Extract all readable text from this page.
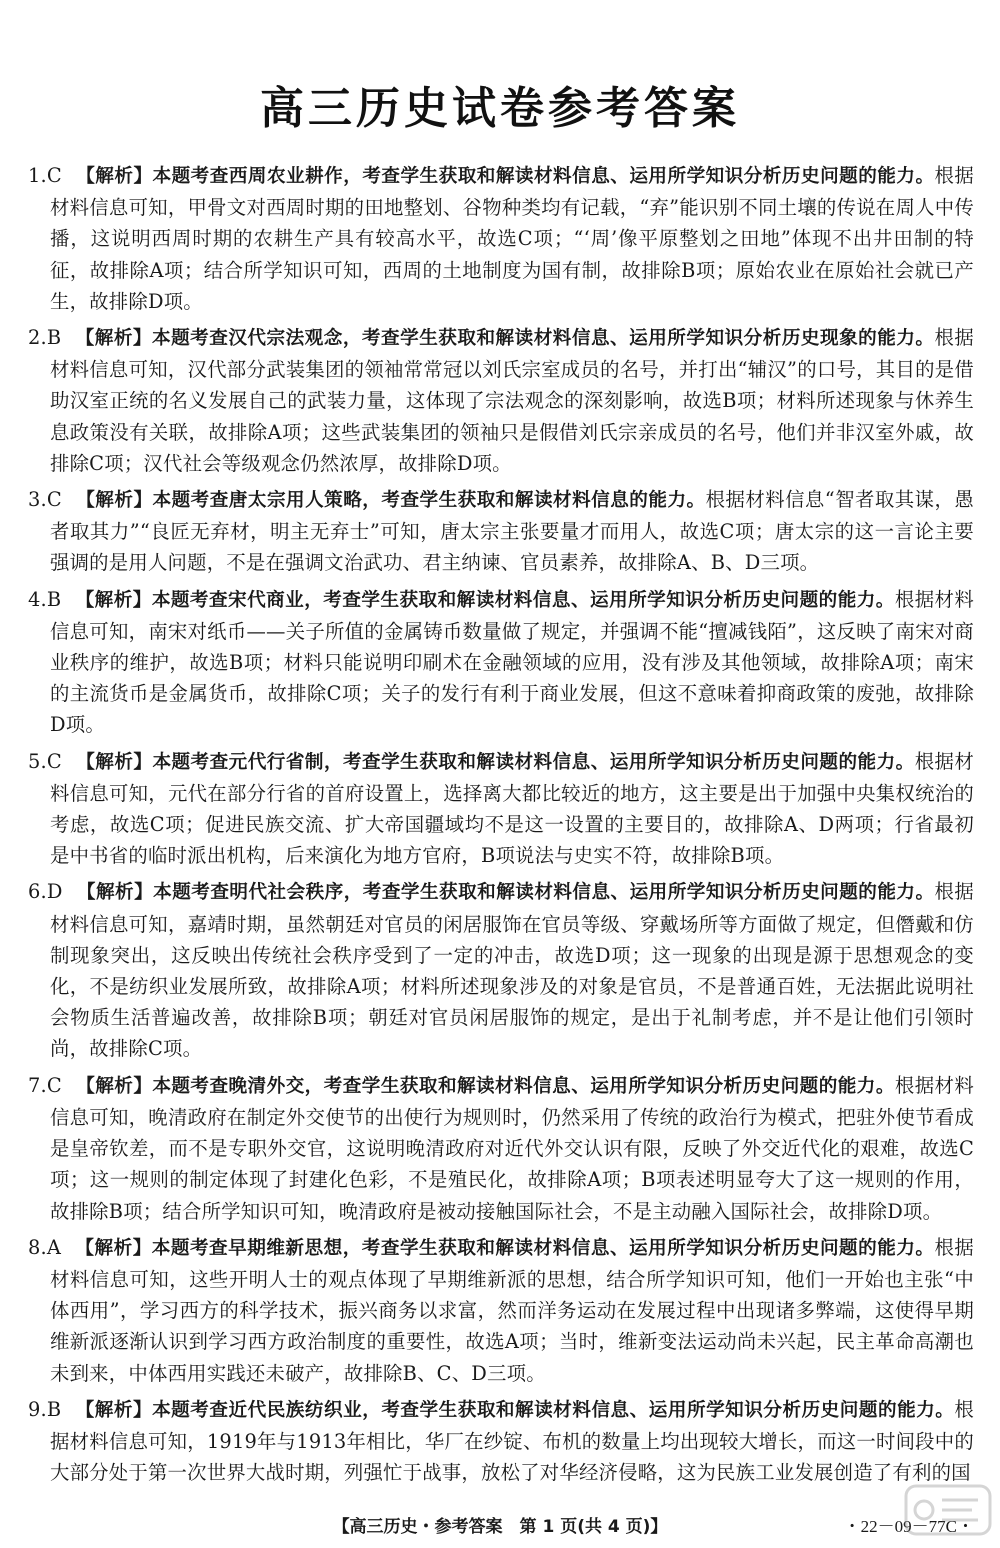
高三历史试卷参考答案
1.C 【解析】本题考查西周农业耕作，考查学生获取和解读材料信息、运用所学知识分析历史问题的能力。根据材料信息可知，甲骨文对西周时期的田地整划、谷物种类均有记载，“弃”能识别不同土壤的传说在周人中传播，这说明西周时期的农耕生产具有较高水平，故选C项；“‘周’像平原整划之田地”体现不出井田制的特征，故排除A项；结合所学知识可知，西周的土地制度为国有制，故排除B项；原始农业在原始社会就已产生，故排除D项。
2.B 【解析】本题考查汉代宗法观念，考查学生获取和解读材料信息、运用所学知识分析历史现象的能力。根据材料信息可知，汉代部分武装集团的领袖常常冠以刘氏宗室成员的名号，并打出“辅汉”的口号，其目的是借助汉室正统的名义发展自己的武装力量，这体现了宗法观念的深刻影响，故选B项；材料所述现象与休养生息政策没有关联，故排除A项；这些武装集团的领袖只是假借刘氏宗亲成员的名号，他们并非汉室外戚，故排除C项；汉代社会等级观念仍然浓厚，故排除D项。
3.C 【解析】本题考查唐太宗用人策略，考查学生获取和解读材料信息的能力。根据材料信息“智者取其谋，愚者取其力”“良匠无弃材，明主无弃士”可知，唐太宗主张要量才而用人，故选C项；唐太宗的这一言论主要强调的是用人问题，不是在强调文治武功、君主纳谏、官员素养，故排除A、B、D三项。
4.B 【解析】本题考查宋代商业，考查学生获取和解读材料信息、运用所学知识分析历史问题的能力。根据材料信息可知，南宋对纸币——关子所值的金属铸币数量做了规定，并强调不能“擅减钱陌”，这反映了南宋对商业秩序的维护，故选B项；材料只能说明印刷术在金融领域的应用，没有涉及其他领域，故排除A项；南宋的主流货币是金属货币，故排除C项；关子的发行有利于商业发展，但这不意味着抑商政策的废弛，故排除D项。
5.C 【解析】本题考查元代行省制，考查学生获取和解读材料信息、运用所学知识分析历史问题的能力。根据材料信息可知，元代在部分行省的首府设置上，选择离大都比较近的地方，这主要是出于加强中央集权统治的考虑，故选C项；促进民族交流、扩大帝国疆域均不是这一设置的主要目的，故排除A、D两项；行省最初是中书省的临时派出机构，后来演化为地方官府，B项说法与史实不符，故排除B项。
6.D 【解析】本题考查明代社会秩序，考查学生获取和解读材料信息、运用所学知识分析历史问题的能力。根据材料信息可知，嘉靖时期，虽然朝廷对官员的闲居服饰在官员等级、穿戴场所等方面做了规定，但僭戴和仿制现象突出，这反映出传统社会秩序受到了一定的冲击，故选D项；这一现象的出现是源于思想观念的变化，不是纺织业发展所致，故排除A项；材料所述现象涉及的对象是官员，不是普通百姓，无法据此说明社会物质生活普遍改善，故排除B项；朝廷对官员闲居服饰的规定，是出于礼制考虑，并不是让他们引领时尚，故排除C项。
7.C 【解析】本题考查晚清外交，考查学生获取和解读材料信息、运用所学知识分析历史问题的能力。根据材料信息可知，晚清政府在制定外交使节的出使行为规则时，仍然采用了传统的政治行为模式，把驻外使节看成是皇帝钦差，而不是专职外交官，这说明晚清政府对近代外交认识有限，反映了外交近代化的艰难，故选C项；这一规则的制定体现了封建化色彩，不是殖民化，故排除A项；B项表述明显夸大了这一规则的作用，故排除B项；结合所学知识可知，晚清政府是被动接触国际社会，不是主动融入国际社会，故排除D项。
8.A 【解析】本题考查早期维新思想，考查学生获取和解读材料信息、运用所学知识分析历史问题的能力。根据材料信息可知，这些开明人士的观点体现了早期维新派的思想，结合所学知识可知，他们一开始也主张“中体西用”，学习西方的科学技术，振兴商务以求富，然而洋务运动在发展过程中出现诸多弊端，这使得早期维新派逐渐认识到学习西方政治制度的重要性，故选A项；当时，维新变法运动尚未兴起，民主革命高潮也未到来，中体西用实践还未破产，故排除B、C、D三项。
9.B 【解析】本题考查近代民族纺织业，考查学生获取和解读材料信息、运用所学知识分析历史问题的能力。根据材料信息可知，1919年与1913年相比，华厂在纱锭、布机的数量上均出现较大增长，而这一时间段中的大部分处于第一次世界大战时期，列强忙于战事，放松了对华经济侵略，这为民族工业发展创造了有利的国
【高三历史・参考答案　第 1 页(共 4 页)】	・22－09－77C・
